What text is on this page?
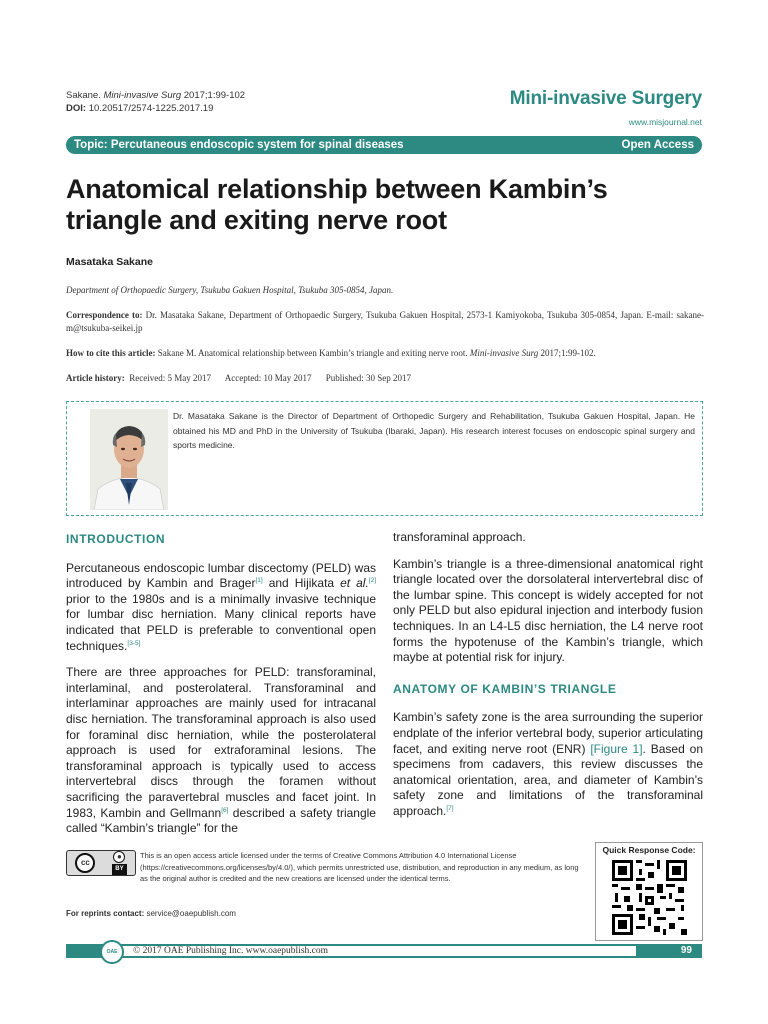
Sakane. Mini-invasive Surg 2017;1:99-102
DOI: 10.20517/2574-1225.2017.19	Mini-invasive Surgery
www.misjournal.net
Topic: Percutaneous endoscopic system for spinal diseases	Open Access
Anatomical relationship between Kambin’s triangle and exiting nerve root
Masataka Sakane
Department of Orthopaedic Surgery, Tsukuba Gakuen Hospital, Tsukuba 305-0854, Japan.
Correspondence to: Dr. Masataka Sakane, Department of Orthopaedic Surgery, Tsukuba Gakuen Hospital, 2573-1 Kamiyokoba, Tsukuba 305-0854, Japan. E-mail: sakane-m@tsukuba-seikei.jp
How to cite this article: Sakane M. Anatomical relationship between Kambin’s triangle and exiting nerve root. Mini-invasive Surg 2017;1:99-102.
Article history: Received: 5 May 2017 Accepted: 10 May 2017 Published: 30 Sep 2017
Dr. Masataka Sakane is the Director of Department of Orthopedic Surgery and Rehabilitation, Tsukuba Gakuen Hospital, Japan. He obtained his MD and PhD in the University of Tsukuba (Ibaraki, Japan). His research interest focuses on endoscopic spinal surgery and sports medicine.
INTRODUCTION

Percutaneous endoscopic lumbar discectomy (PELD) was introduced by Kambin and Brager[1] and Hijikata et al.[2] prior to the 1980s and is a minimally invasive technique for lumbar disc herniation. Many clinical reports have indicated that PELD is preferable to conventional open techniques.[3-5]

There are three approaches for PELD: transforaminal, interlaminal, and posterolateral. Transforaminal and interlaminar approaches are mainly used for intracanal disc herniation. The transforaminal approach is also used for foraminal disc herniation, while the posterolateral approach is used for extraforaminal lesions. The transforaminal approach is typically used to access intervertebral discs through the foramen without sacrificing the paravertebral muscles and facet joint. In 1983, Kambin and Gellmann[6] described a safety triangle called “Kambin’s triangle” for the

transforaminal approach.

Kambin’s triangle is a three-dimensional anatomical right triangle located over the dorsolateral intervertebral disc of the lumbar spine. This concept is widely accepted for not only PELD but also epidural injection and interbody fusion techniques. In an L4-L5 disc herniation, the L4 nerve root forms the hypotenuse of the Kambin’s triangle, which maybe at potential risk for injury.

ANATOMY OF KAMBIN’S TRIANGLE

Kambin’s safety zone is the area surrounding the superior endplate of the inferior vertebral body, superior articulating facet, and exiting nerve root (ENR) [Figure 1]. Based on specimens from cadavers, this review discusses the anatomical orientation, area, and diameter of Kambin’s safety zone and limitations of the transforaminal approach.[7]

cc
●
BY
This is an open access article licensed under the terms of Creative Commons Attribution 4.0 International License (https://creativecommons.org/licenses/by/4.0/), which permits unrestricted use, distribution, and reproduction in any medium, as long as the original author is credited and the new creations are licensed under the identical terms.
For reprints contact: service@oaepublish.com
Quick Response Code:
OAE	© 2017 OAE Publishing Inc. www.oaepublish.com	99
